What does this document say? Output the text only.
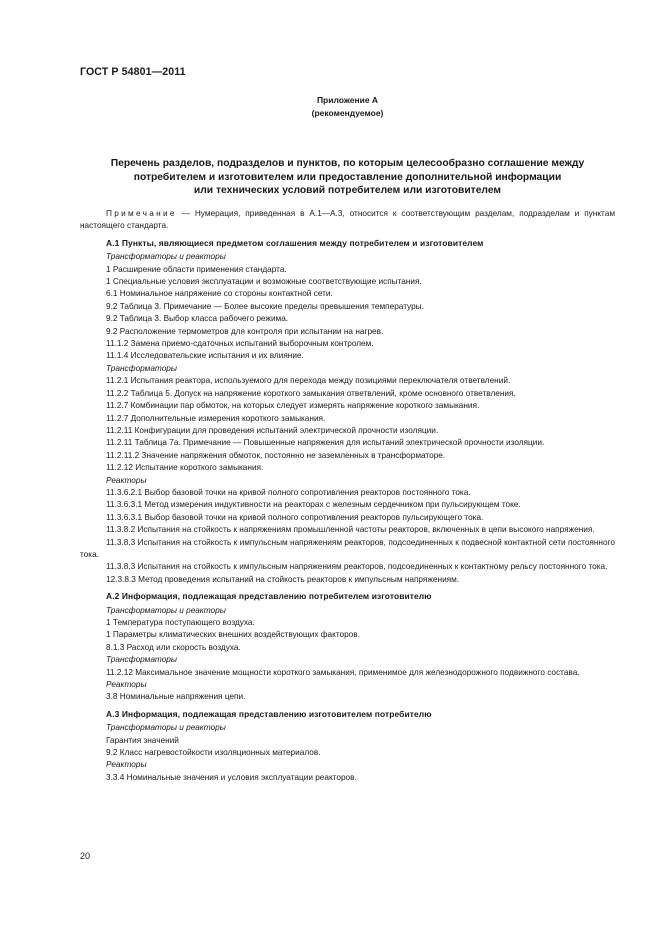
ГОСТ Р 54801—2011
Приложение А
(рекомендуемое)
Перечень разделов, подразделов и пунктов, по которым целесообразно соглашение между
потребителем и изготовителем или предоставление дополнительной информации
или технических условий потребителем или изготовителем

Примечание — Нумерация, приведенная в А.1—А.3, относится к соответствующим разделам, подразделам и пунктам настоящего стандарта.

А.1 Пункты, являющиеся предметом соглашения между потребителем и изготовителем
Трансформаторы и реакторы

1 Расширение области применения стандарта.

1 Специальные условия эксплуатации и возможные соответствующие испытания.

6.1 Номинальное напряжение со стороны контактной сети.

9.2 Таблица 3. Примечание — Более высокие пределы превышения температуры.

9.2 Таблица 3. Выбор класса рабочего режима.

9.2 Расположение термометров для контроля при испытании на нагрев.

11.1.2 Замена приемо-сдаточных испытаний выборочным контролем.

11.1.4 Исследовательские испытания и их влияние.

Трансформаторы

11.2.1 Испытания реактора, используемого для перехода между позициями переключателя ответвлений.

11.2.2 Таблица 5. Допуск на напряжение короткого замыкания ответвлений, кроме основного ответвления.

11.2.7 Комбинации пар обмоток, на которых следует измерять напряжение короткого замыкания.

11.2.7 Дополнительные измерения короткого замыкания.

11.2.11 Конфигурации для проведения испытаний электрической прочности изоляции.

11.2.11 Таблица 7а. Примечание — Повышенные напряжения для испытаний электрической прочности изоляции.

11.2.11.2 Значение напряжения обмоток, постоянно не заземленных в трансформаторе.

11.2.12 Испытание короткого замыкания.

Реакторы

11.3.6.2.1 Выбор базовой точки на кривой полного сопротивления реакторов постоянного тока.

11.3.6.3.1 Метод измерения индуктивности на реакторах с железным сердечником при пульсирующем токе.

11.3.6.3.1 Выбор базовой точки на кривой полного сопротивления реакторов пульсирующего тока.

11.3.8.2 Испытания на стойкость к напряжениям промышленной частоты реакторов, включенных в цепи высокого напряжения.

11.3.8.3 Испытания на стойкость к импульсным напряжениям реакторов, подсоединенных к подвесной контактной сети постоянного тока.

11.3.8.3 Испытания на стойкость к импульсным напряжениям реакторов, подсоединенных к контактному рельсу постоянного тока.

12.3.8.3 Метод проведения испытаний на стойкость реакторов к импульсным напряжениям.

А.2 Информация, подлежащая представлению потребителем изготовителю
Трансформаторы и реакторы

1 Температура поступающего воздуха.

1 Параметры климатических внешних воздействующих факторов.

8.1.3 Расход или скорость воздуха.

Трансформаторы

11.2.12 Максимальное значение мощности короткого замыкания, применимое для железнодорожного подвижного состава.

Реакторы

3.8 Номинальные напряжения цепи.

А.3 Информация, подлежащая представлению изготовителем потребителю
Трансформаторы и реакторы

Гарантия значений

9.2 Класс нагревостойкости изоляционных материалов.

Реакторы

3.3.4 Номинальные значения и условия эксплуатации реакторов.

20
